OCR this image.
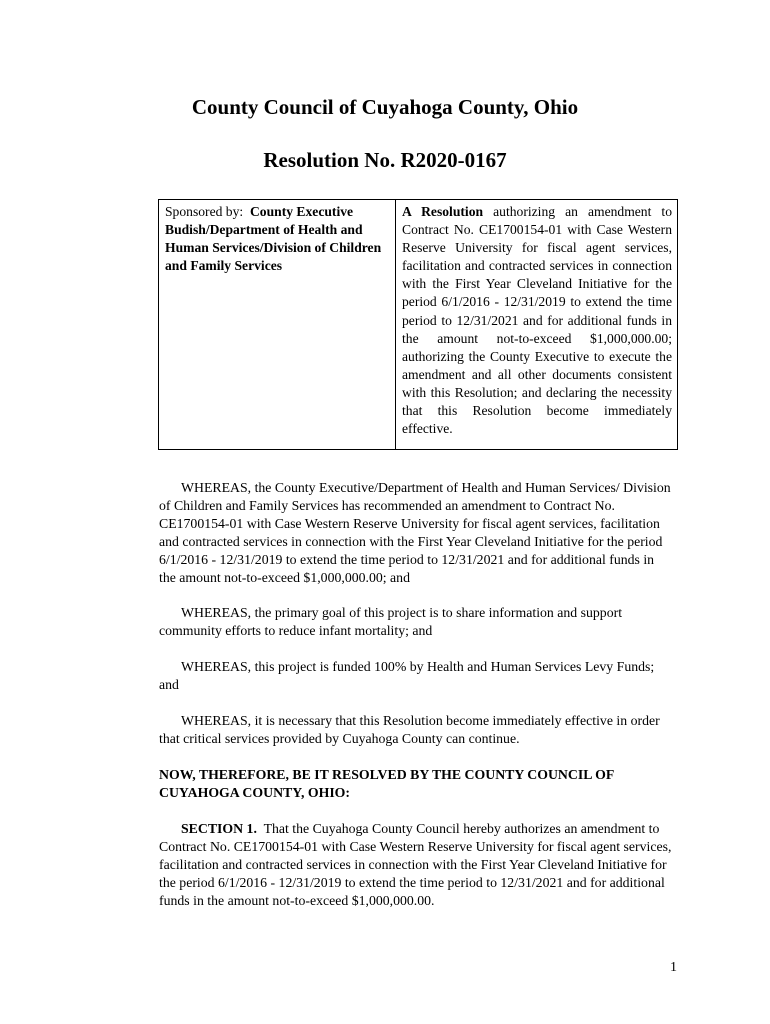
County Council of Cuyahoga County, Ohio
Resolution No. R2020-0167
Sponsored by: County Executive Budish/Department of Health and Human Services/Division of Children and Family Services
A Resolution authorizing an amendment to Contract No. CE1700154-01 with Case Western Reserve University for fiscal agent services, facilitation and contracted services in connection with the First Year Cleveland Initiative for the period 6/1/2016 - 12/31/2019 to extend the time period to 12/31/2021 and for additional funds in the amount not-to-exceed $1,000,000.00; authorizing the County Executive to execute the amendment and all other documents consistent with this Resolution; and declaring the necessity that this Resolution become immediately effective.
WHEREAS, the County Executive/Department of Health and Human Services/ Division of Children and Family Services has recommended an amendment to Contract No. CE1700154-01 with Case Western Reserve University for fiscal agent services, facilitation and contracted services in connection with the First Year Cleveland Initiative for the period 6/1/2016 - 12/31/2019 to extend the time period to 12/31/2021 and for additional funds in the amount not-to-exceed $1,000,000.00; and
WHEREAS, the primary goal of this project is to share information and support community efforts to reduce infant mortality; and
WHEREAS, this project is funded 100% by Health and Human Services Levy Funds; and
WHEREAS, it is necessary that this Resolution become immediately effective in order that critical services provided by Cuyahoga County can continue.
NOW, THEREFORE, BE IT RESOLVED BY THE COUNTY COUNCIL OF CUYAHOGA COUNTY, OHIO:
SECTION 1. That the Cuyahoga County Council hereby authorizes an amendment to Contract No. CE1700154-01 with Case Western Reserve University for fiscal agent services, facilitation and contracted services in connection with the First Year Cleveland Initiative for the period 6/1/2016 - 12/31/2019 to extend the time period to 12/31/2021 and for additional funds in the amount not-to-exceed $1,000,000.00.
1
